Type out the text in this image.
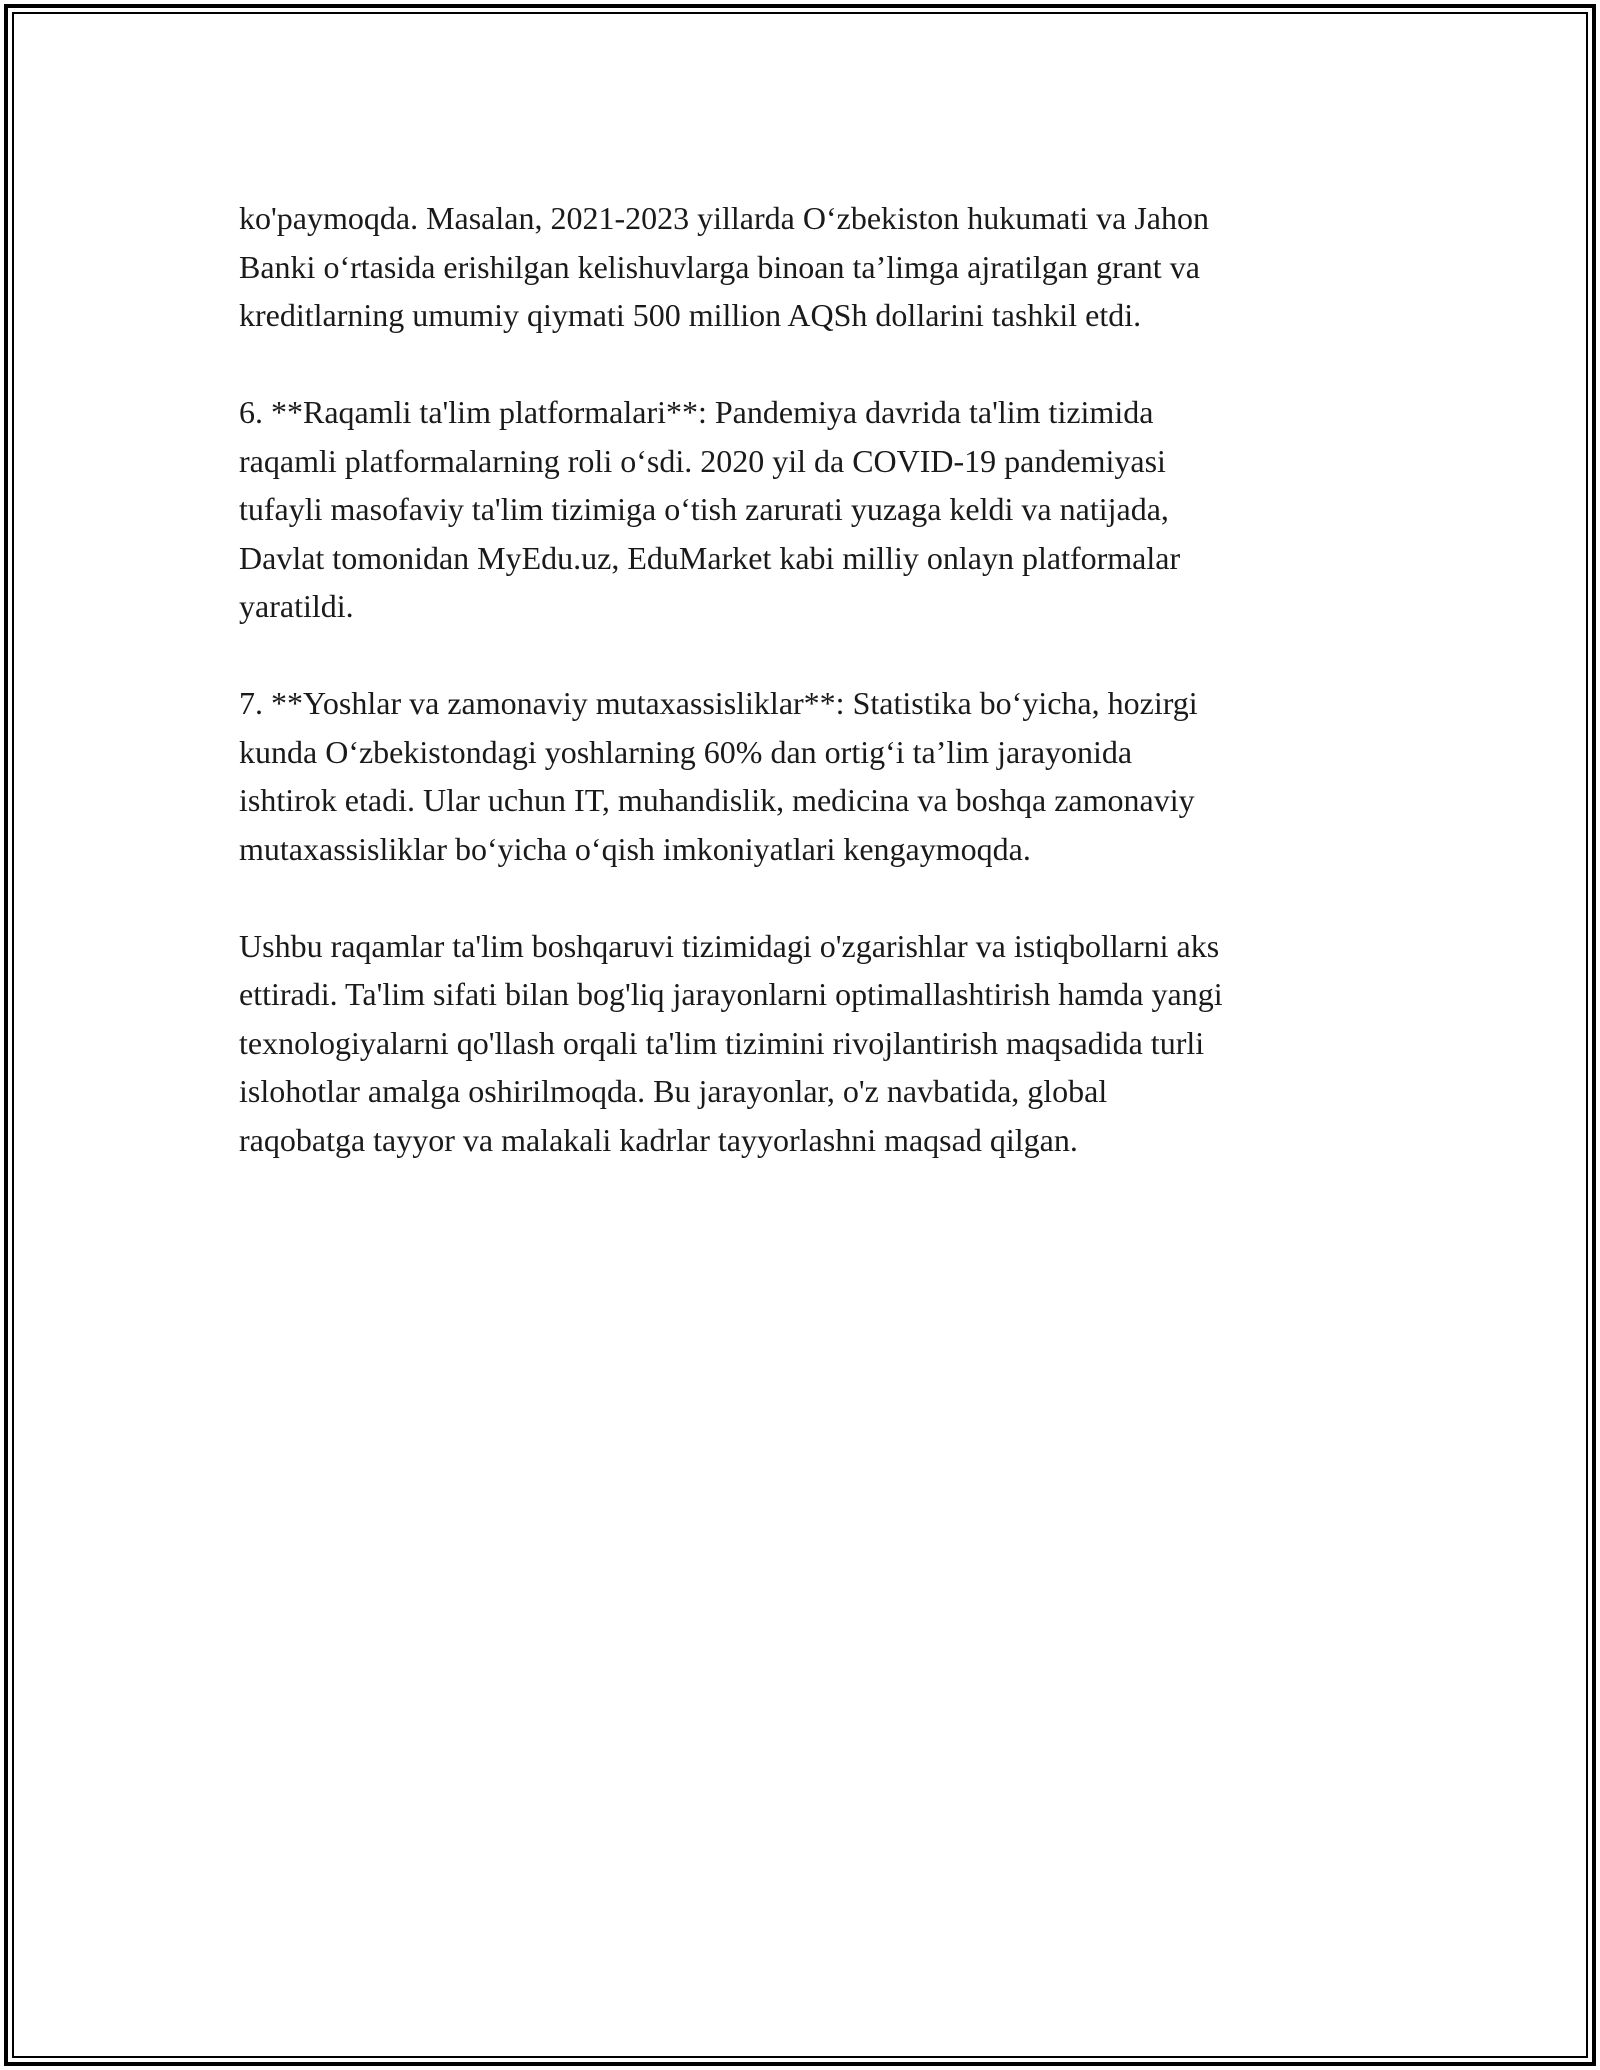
ko'paymoqda. Masalan, 2021-2023 yillarda O‘zbekiston hukumati va Jahon
Banki o‘rtasida erishilgan kelishuvlarga binoan ta’limga ajratilgan grant va
kreditlarning umumiy qiymati 500 million AQSh dollarini tashkil etdi.

6. **Raqamli ta'lim platformalari**: Pandemiya davrida ta'lim tizimida
raqamli platformalarning roli o‘sdi. 2020 yil da COVID-19 pandemiyasi
tufayli masofaviy ta'lim tizimiga o‘tish zarurati yuzaga keldi va natijada,
Davlat tomonidan MyEdu.uz, EduMarket kabi milliy onlayn platformalar
yaratildi.

7. **Yoshlar va zamonaviy mutaxassisliklar**: Statistika bo‘yicha, hozirgi
kunda O‘zbekistondagi yoshlarning 60% dan ortig‘i ta’lim jarayonida
ishtirok etadi. Ular uchun IT, muhandislik, medicina va boshqa zamonaviy
mutaxassisliklar bo‘yicha o‘qish imkoniyatlari kengaymoqda.

Ushbu raqamlar ta'lim boshqaruvi tizimidagi o'zgarishlar va istiqbollarni aks
ettiradi. Ta'lim sifati bilan bog'liq jarayonlarni optimallashtirish hamda yangi
texnologiyalarni qo'llash orqali ta'lim tizimini rivojlantirish maqsadida turli
islohotlar amalga oshirilmoqda. Bu jarayonlar, o'z navbatida, global
raqobatga tayyor va malakali kadrlar tayyorlashni maqsad qilgan.
